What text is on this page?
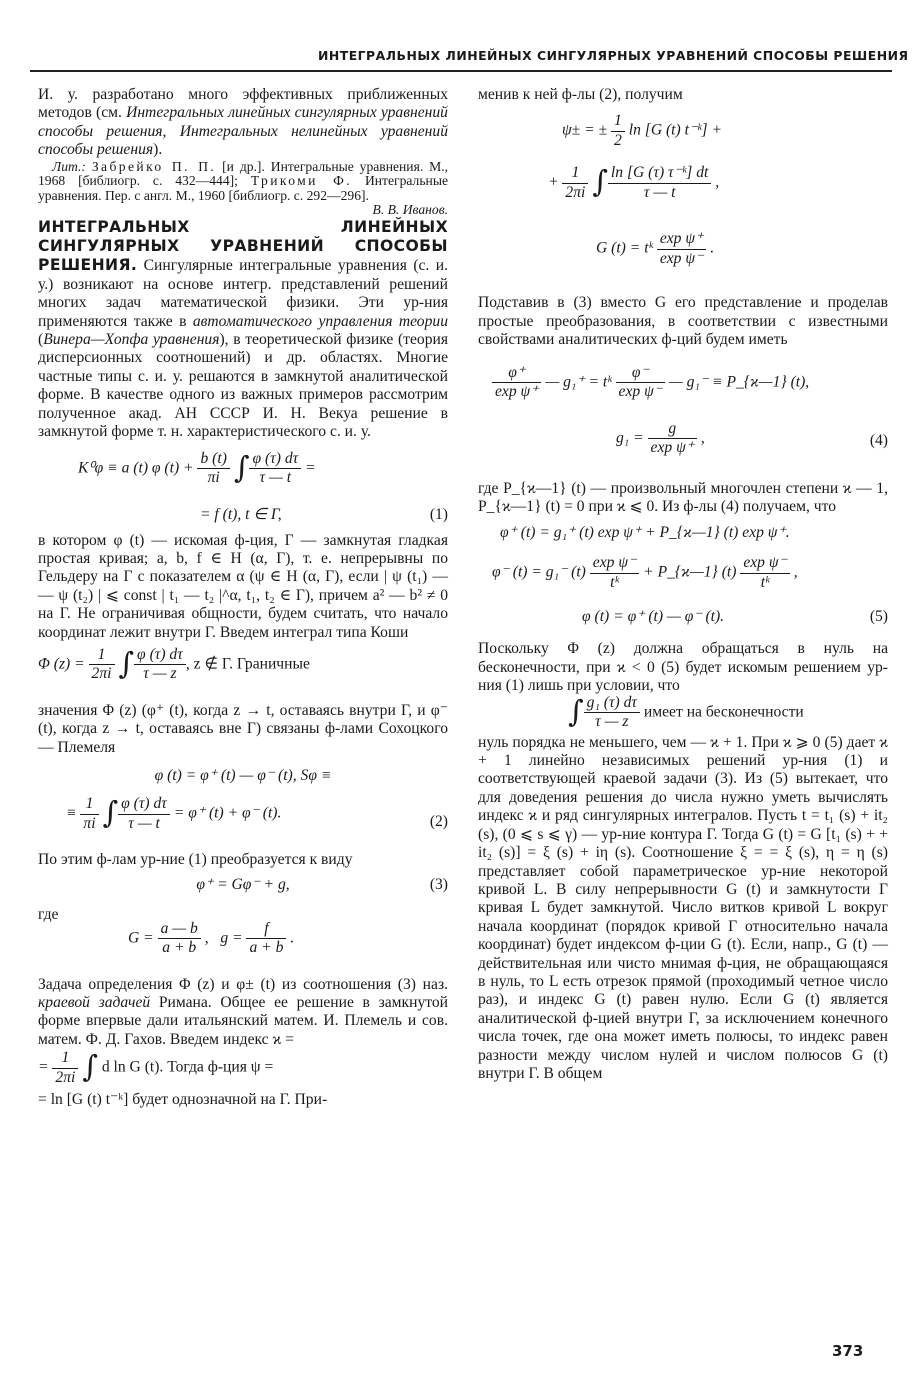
ИНТЕГРАЛЬНЫХ ЛИНЕЙНЫХ СИНГУЛЯРНЫХ УРАВНЕНИЙ СПОСОБЫ РЕШЕНИЯ

И. у. разработано много эффективных приближенных методов (см. Интегральных линейных сингулярных уравнений способы решения, Интегральных нелинейных уравнений способы решения).

Лит.: Забрейко П. П. [и др.]. Интегральные уравнения. М., 1968 [библиогр. с. 432—444]; Трикоми Ф. Интегральные уравнения. Пер. с англ. М., 1960 [библиогр. с. 292—296].
В. В. Иванов.

ИНТЕГРАЛЬНЫХ ЛИНЕЙНЫХ СИНГУЛЯРНЫХ УРАВНЕНИЙ СПОСОБЫ РЕШЕНИЯ. Сингулярные интегральные уравнения (с. и. у.) возникают на основе интегр. представлений решений многих задач математической физики. Эти ур-ния применяются также в автоматического управления теории (Винера—Хопфа уравнения), в теоретической физике (теория дисперсионных соотношений) и др. областях. Многие частные типы с. и. у. решаются в замкнутой аналитической форме. В качестве одного из важных примеров рассмотрим полученное акад. АН СССР И. Н. Векуа решение в замкнутой форме т. н. характеристического с. и. у.

K⁰φ ≡ a (t) φ $(t) + \frac{b (t)}{\pi i}$ ∫ $\frac{\varphi (\tau) d\tau}{\tau — t}$ =
= f (t), t ∈ Γ,	(1)

в котором φ (t) — искомая ф-ция, Γ — замкнутая гладкая простая кривая; a, b, f ∈ H (α, Γ), т. е. непрерывны по Гельдеру на Γ с показателем α (ψ ∈ H (α, Γ), если | ψ (t₁) — — ψ (t₂) | ⩽ const | t₁ — t₂ |^α, t₁, t₂ ∈ Γ), причем a² — b² ≠ 0 на Γ. Не ограничивая общности, будем считать, что начало координат лежит внутри Γ. Введем интеграл типа Коши

Φ $(z) = \frac{1}{2\pi i}$ ∫ $\frac{\varphi (\tau) d\tau}{\tau — z}$ , z ∉ Γ. Граничные

значения Φ (z) (φ⁺ (t), когда z → t, оставаясь внутри Γ, и φ⁻ (t), когда z → t, оставаясь вне Γ) связаны ф-лами Сохоцкого — Племеля

φ (t) = φ⁺ (t) — φ⁻ (t), Sφ ≡
≡ $\frac{1}{\pi i}$ ∫ $\frac{\varphi (\tau) d\tau}{\tau — t} = \varphi^+$ (t) + φ⁻ (t).
(2)

По этим ф-лам ур-ние (1) преобразуется к виду

φ⁺ = Gφ⁻ + g,	(3)
где
$G = \frac{a — b}{a + b}$ ,   $g = \frac{f}{a + b}$ .

Задача определения Φ (z) и φ± (t) из соотношения (3) наз. краевой задачей Римана. Общее ее решение в замкнутой форме впервые дали итальянский матем. И. Племель и сов. матем. Ф. Д. Гахов. Введем индекс ϰ =

= $\frac{1}{2\pi i}$ ∫ d ln G (t). Тогда ф-ция ψ =

= ln [G (t) t⁻ᵏ] будет однозначной на Γ. При-

менив к ней ф-лы (2), получим

ψ± = ± $\frac{1}{2}$ ln [G (t) t⁻ᵏ] +
+ $\frac{1}{2\pi i}$ ∫ $\frac{\text{ln [G (τ) τ⁻ᵏ] dt}}{\tau — t}$ ,
G (t) = tᵏ $\frac{\text{exp ψ⁺}}{\text{exp ψ⁻}}$ .

Подставив в (3) вместо G его представление и проделав простые преобразования, в соответствии с известными свойствами аналитических ф-ций будем иметь

$\frac{\varphi^+}{\text{exp ψ⁺}}$ — g₁⁺ = tᵏ $\frac{\varphi^-}{\text{exp ψ⁻}}$ — g₁⁻ ≡ P_{ϰ—1} (t),
$g_1 = \frac{g}{\text{exp ψ⁺}}$ ,	(4)

где P_{ϰ—1} (t) — произвольный многочлен степени ϰ — 1, P_{ϰ—1} (t) = 0 при ϰ ⩽ 0. Из ф-лы (4) получаем, что

φ⁺ (t) = g₁⁺ (t) exp ψ⁺ + P_{ϰ—1} (t) exp ψ⁺.
φ⁻ (t) = g₁⁻ $(t) \frac{\text{exp ψ⁻}}{\text{tᵏ}}$ + P_{ϰ—1} $(t) \frac{\text{exp ψ⁻}}{\text{tᵏ}}$ ,
φ (t) = φ⁺ (t) — φ⁻ (t).	(5)

Поскольку Φ (z) должна обращаться в нуль на бесконечности, при ϰ < 0 (5) будет искомым решением ур-ния (1) лишь при условии, что

∫ $\frac{\text{g₁ (τ) dτ}}{\tau — z}$ имеет на бесконечности

нуль порядка не меньшего, чем — ϰ + 1. При ϰ ⩾ 0 (5) дает ϰ + 1 линейно независимых решений ур-ния (1) и соответствующей краевой задачи (3). Из (5) вытекает, что для доведения решения до числа нужно уметь вычислять индекс ϰ и ряд сингулярных интегралов. Пусть t = t₁ (s) + it₂ (s), (0 ⩽ s ⩽ γ) — ур-ние контура Γ. Тогда G (t) = G [t₁ (s) + + it₂ (s)] = ξ (s) + iη (s). Соотношение ξ = = ξ (s), η = η (s) представляет собой параметрическое ур-ние некоторой кривой L. В силу непрерывности G (t) и замкнутости Γ кривая L будет замкнутой. Число витков кривой L вокруг начала координат (порядок кривой Γ относительно начала координат) будет индексом ф-ции G (t). Если, напр., G (t) — действительная или чисто мнимая ф-ция, не обращающаяся в нуль, то L есть отрезок прямой (проходимый четное число раз), и индекс G (t) равен нулю. Если G (t) является аналитической ф-цией внутри Γ, за исключением конечного числа точек, где она может иметь полюсы, то индекс равен разности между числом нулей и числом полюсов G (t) внутри Γ. В общем

373
